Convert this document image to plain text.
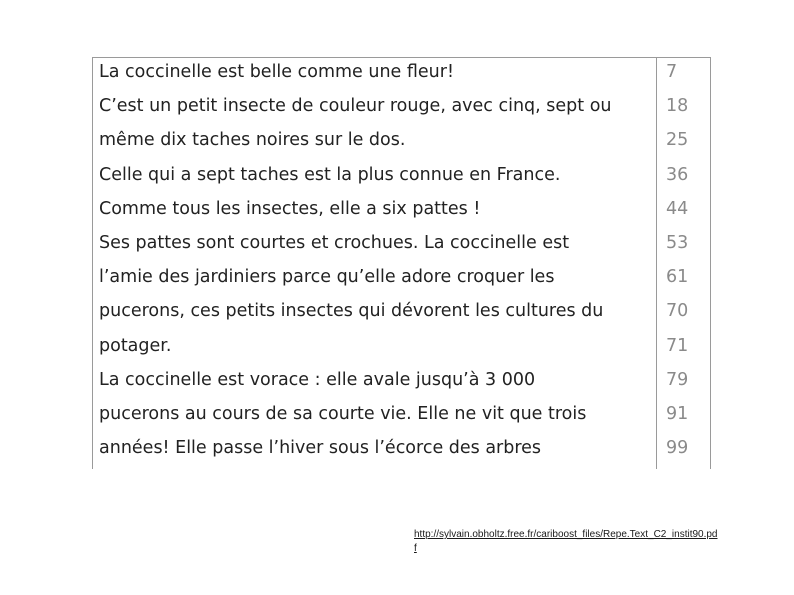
La coccinelle est belle comme une fleur!	7
C’est un petit insecte de couleur rouge, avec cinq, sept ou	18
même dix taches noires sur le dos.	25
Celle qui a sept taches est la plus connue en France.	36
Comme tous les insectes, elle a six pattes !	44
Ses pattes sont courtes et crochues. La coccinelle est	53
l’amie des jardiniers parce qu’elle adore croquer les	61
pucerons, ces petits insectes qui dévorent les cultures du	70
potager.	71
La coccinelle est vorace : elle avale jusqu’à 3 000	79
pucerons au cours de sa courte vie. Elle ne vit que trois	91
années! Elle passe l’hiver sous l’écorce des arbres	99
http://sylvain.obholtz.free.fr/cariboost_files/Repe.Text_C2_instit90.pdf
